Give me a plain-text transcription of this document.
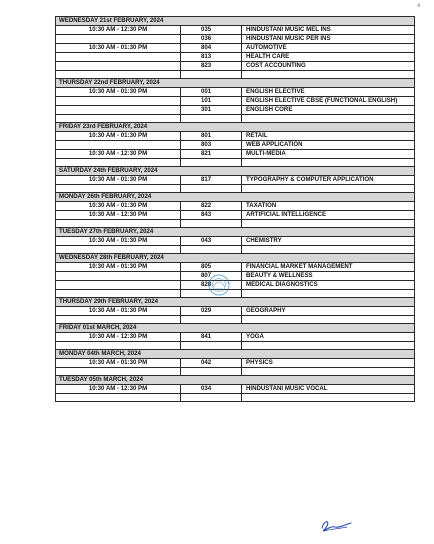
8
WEDNESDAY 21st FEBRUARY, 2024		
10:30 AM - 12:30 PM	035	HINDUSTANI MUSIC MEL INS
	036	HINDUSTANI MUSIC PER INS
10:30 AM - 01:30 PM	804	AUTOMOTIVE
	813	HEALTH CARE
	823	COST ACCOUNTING

THURSDAY 22nd FEBRUARY, 2024		
10:30 AM - 01:30 PM	001	ENGLISH ELECTIVE
	101	ENGLISH ELECTIVE CBSE (FUNCTIONAL ENGLISH)
	301	ENGLISH CORE

FRIDAY 23rd FEBRUARY, 2024		
10:30 AM - 01:30 PM	801	RETAIL
	803	WEB APPLICATION
10:30 AM - 12:30 PM	821	MULTI-MEDIA

SATURDAY 24th FEBRUARY, 2024		
10:30 AM - 01:30 PM	817	TYPOGRAPHY & COMPUTER APPLICATION

MONDAY 26th FEBRUARY, 2024		
10:30 AM - 01:30 PM	822	TAXATION
10:30 AM - 12:30 PM	843	ARTIFICIAL INTELLIGENCE

TUESDAY 27th FEBRUARY, 2024		
10:30 AM - 01:30 PM	043	CHEMISTRY

WEDNESDAY 28th FEBRUARY, 2024		
10:30 AM - 01:30 PM	805	FINANCIAL MARKET MANAGEMENT
	807	BEAUTY & WELLNESS
	828	MEDICAL DIAGNOSTICS

THURSDAY 29th FEBRUARY, 2024		
10:30 AM - 01:30 PM	029	GEOGRAPHY

FRIDAY 01st MARCH, 2024		
10:30 AM - 12:30 PM	841	YOGA

MONDAY 04th MARCH, 2024		
10:30 AM - 01:30 PM	042	PHYSICS

TUESDAY 05th MARCH, 2024		
10:30 AM - 12:30 PM	034	HINDUSTANI MUSIC VOCAL
